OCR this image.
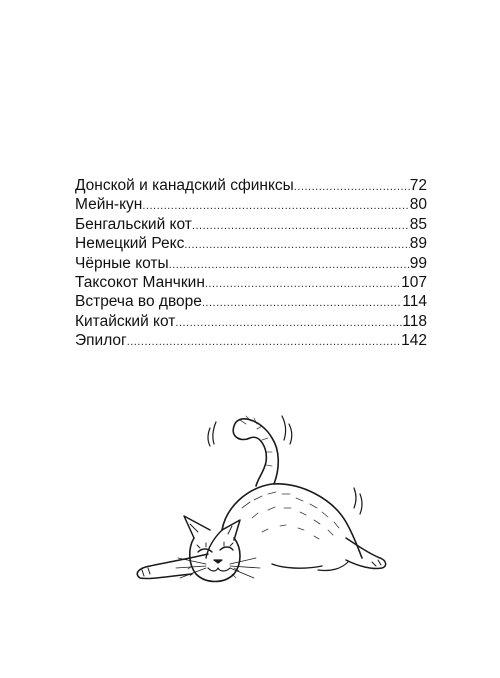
Донской и канадский сфинксы .....	72
Мейн-кун .....	80
Бенгальский кот .....	85
Немецкий Рекс .....	89
Чёрные коты .....	99
Таксокот Манчкин .....	107
Встреча во дворе .....	114
Китайский кот .....	118
Эпилог .....	142
